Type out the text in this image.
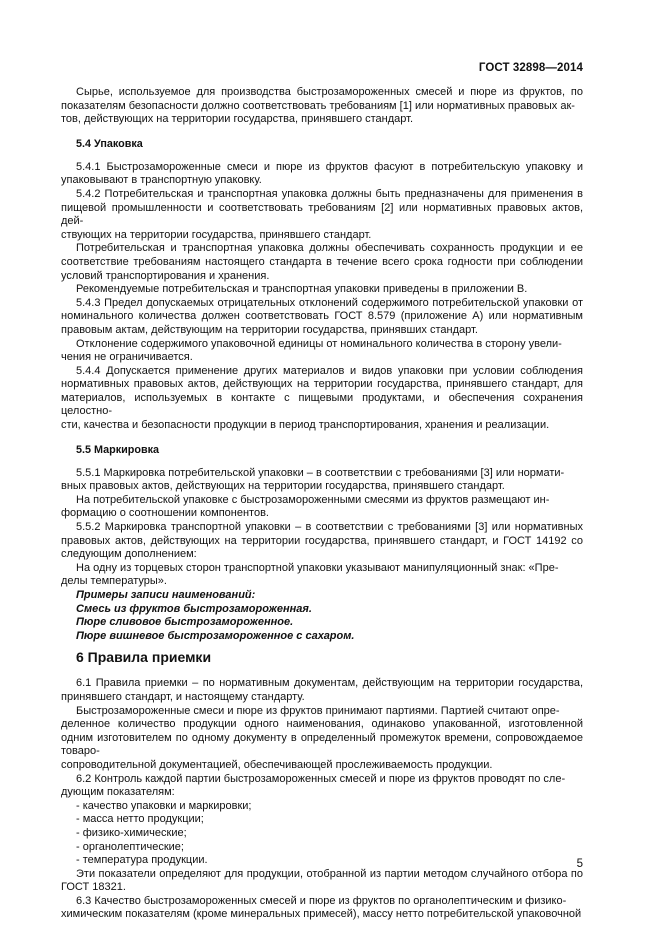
ГОСТ 32898—2014

Сырье, используемое для производства быстрозамороженных смесей и пюре из фруктов, по показателям безопасности должно соответствовать требованиям [1] или нормативных правовых ак-
тов, действующих на территории государства, принявшего стандарт.

5.4 Упаковка

5.4.1 Быстрозамороженные смеси и пюре из фруктов фасуют в потребительскую упаковку и упаковывают в транспортную упаковку.

5.4.2 Потребительская и транспортная упаковка должны быть предназначены для применения в пищевой промышленности и соответствовать требованиям [2] или нормативных правовых актов, дей-
ствующих на территории государства, принявшего стандарт.

Потребительская и транспортная упаковка должны обеспечивать сохранность продукции и ее соответствие требованиям настоящего стандарта в течение всего срока годности при соблюдении условий транспортирования и хранения.

Рекомендуемые потребительская и транспортная упаковки приведены в приложении В.

5.4.3 Предел допускаемых отрицательных отклонений содержимого потребительской упаковки от номинального количества должен соответствовать ГОСТ 8.579 (приложение А) или нормативным правовым актам, действующим на территории государства, принявших стандарт.

Отклонение содержимого упаковочной единицы от номинального количества в сторону увели-
чения не ограничивается.

5.4.4 Допускается применение других материалов и видов упаковки при условии соблюдения нормативных правовых актов, действующих на территории государства, принявшего стандарт, для материалов, используемых в контакте с пищевыми продуктами, и обеспечения сохранения целостно-
сти, качества и безопасности продукции в период транспортирования, хранения и реализации.

5.5 Маркировка

5.5.1 Маркировка потребительской упаковки – в соответствии с требованиями [3] или нормати-
вных правовых актов, действующих на территории государства, принявшего стандарт.

На потребительской упаковке с быстрозамороженными смесями из фруктов размещают ин-
формацию о соотношении компонентов.

5.5.2 Маркировка транспортной упаковки – в соответствии с требованиями [3] или нормативных правовых актов, действующих на территории государства, принявшего стандарт, и ГОСТ 14192 со следующим дополнением:

На одну из торцевых сторон транспортной упаковки указывают манипуляционный знак: «Пре-
делы температуры».

Примеры записи наименований:
Смесь из фруктов быстрозамороженная.
Пюре сливовое быстрозамороженное.
Пюре вишневое быстрозамороженное с сахаром.
6 Правила приемки

6.1 Правила приемки – по нормативным документам, действующим на территории государства, принявшего стандарт, и настоящему стандарту.

Быстрозамороженные смеси и пюре из фруктов принимают партиями. Партией считают опре-
деленное количество продукции одного наименования, одинаково упакованной, изготовленной одним изготовителем по одному документу в определенный промежуток времени, сопровождаемое товаро-
сопроводительной документацией, обеспечивающей прослеживаемость продукции.

6.2 Контроль каждой партии быстрозамороженных смесей и пюре из фруктов проводят по сле-
дующим показателям:

- качество упаковки и маркировки;
- масса нетто продукции;
- физико-химические;
- органолептические;
- температура продукции.

Эти показатели определяют для продукции, отобранной из партии методом случайного отбора по ГОСТ 18321.

6.3 Качество быстрозамороженных смесей и пюре из фруктов по органолептическим и физико-
химическим показателям (кроме минеральных примесей), массу нетто потребительской упаковочной

5
